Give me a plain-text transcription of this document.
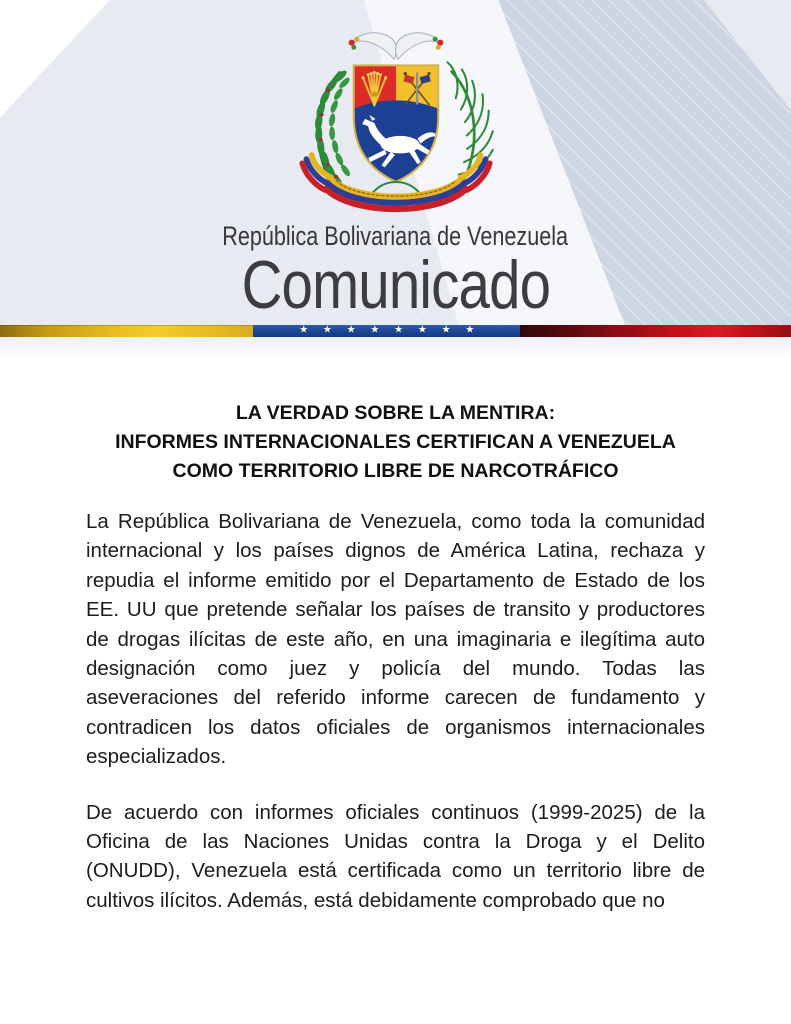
República Bolivariana de Venezuela
Comunicado
★ ★ ★ ★ ★ ★ ★ ★
LA VERDAD SOBRE LA MENTIRA:
INFORMES INTERNACIONALES CERTIFICAN A VENEZUELA
COMO TERRITORIO LIBRE DE NARCOTRÁFICO

La República Bolivariana de Venezuela, como toda la comunidad internacional y los países dignos de América Latina, rechaza y repudia el informe emitido por el Departamento de Estado de los EE. UU que pretende señalar los países de transito y productores de drogas ilícitas de este año, en una imaginaria e ilegítima auto designación como juez y policía del mundo. Todas las aseveraciones del referido informe carecen de fundamento y contradicen los datos oficiales de organismos internacionales especializados.

De acuerdo con informes oficiales continuos (1999-2025) de la Oficina de las Naciones Unidas contra la Droga y el Delito (ONUDD), Venezuela está certificada como un territorio libre de cultivos ilícitos. Además, está debidamente comprobado que no
